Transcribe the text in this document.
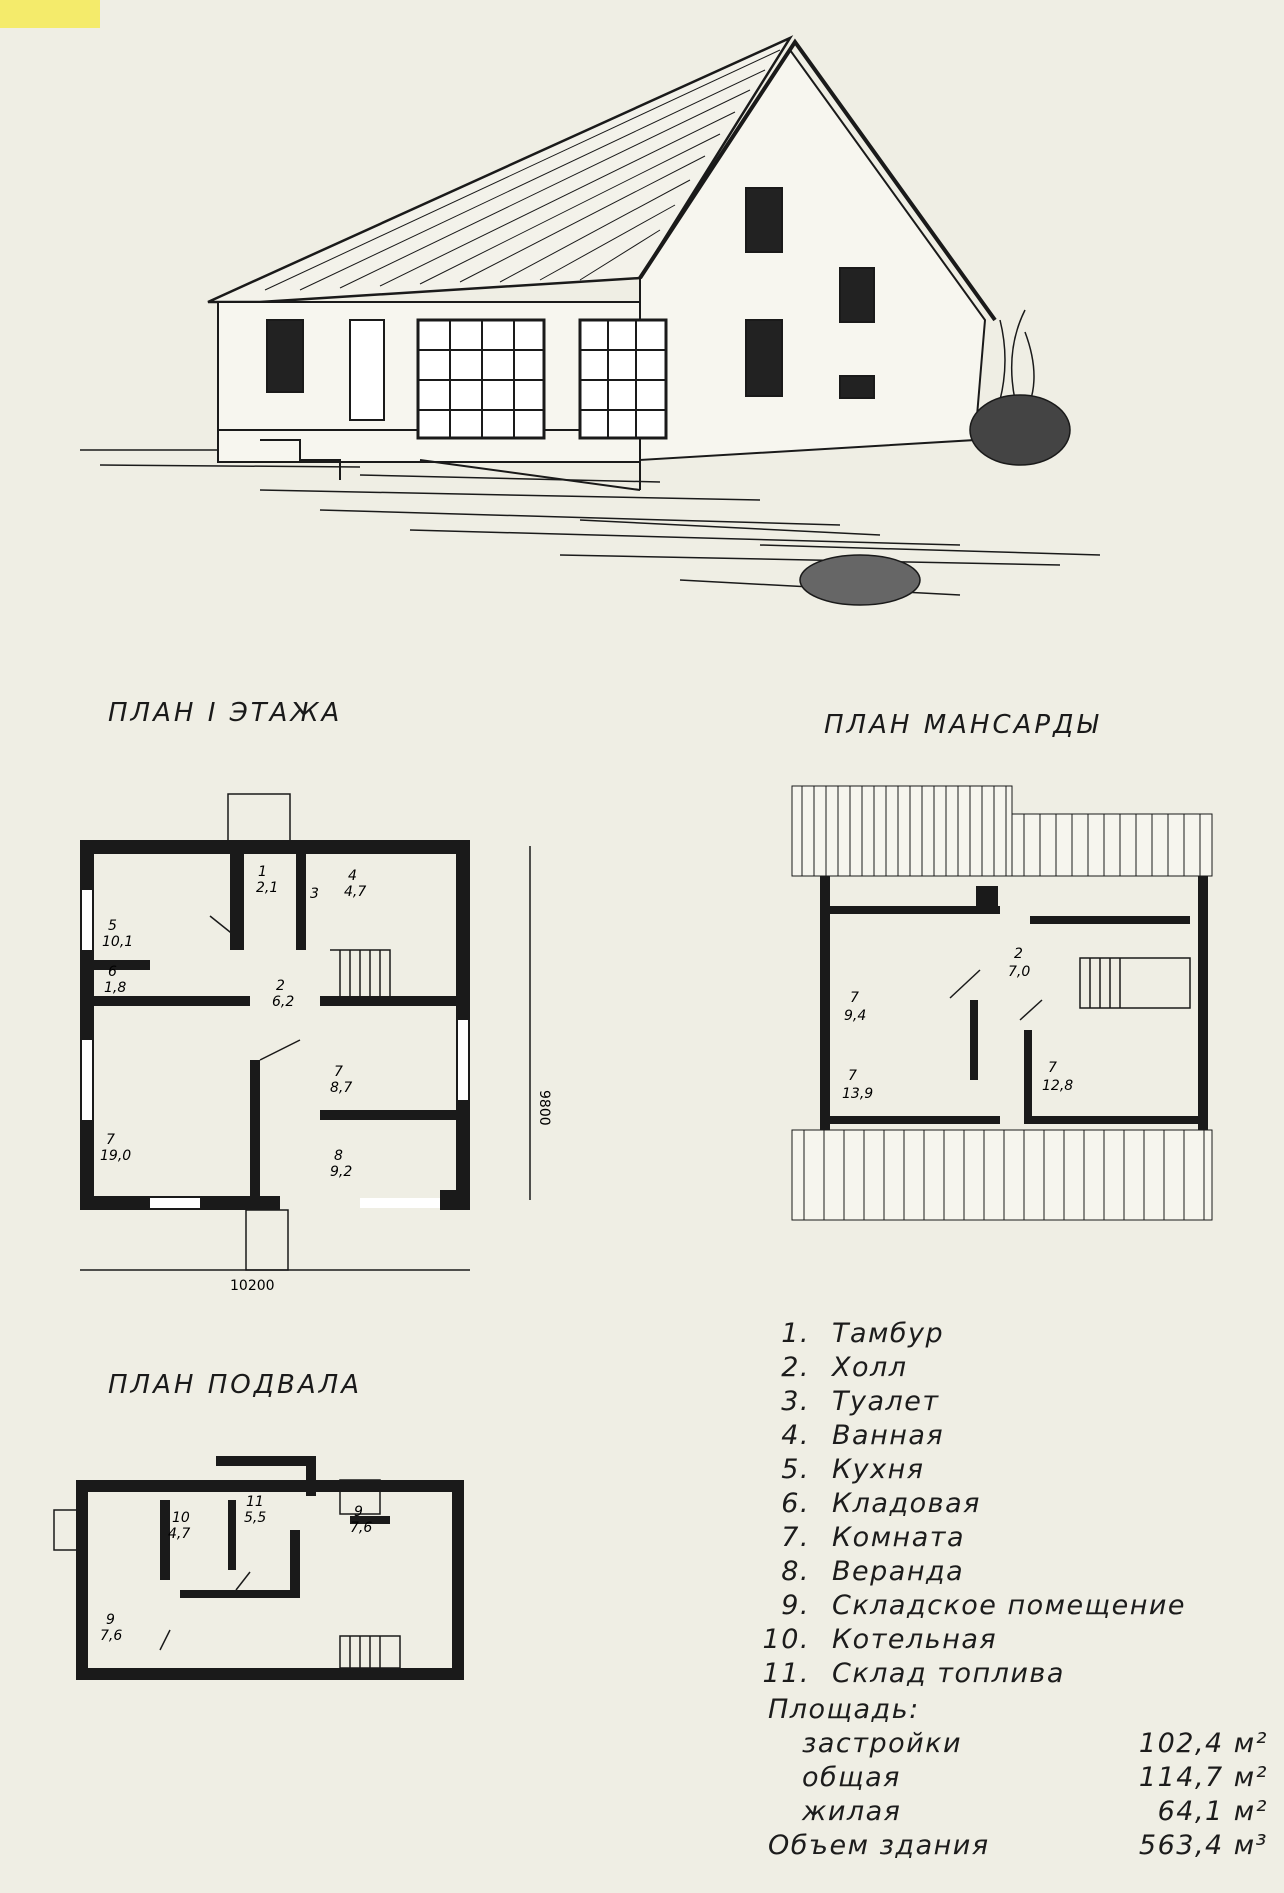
ПЛАН I ЭТАЖА	ПЛАН МАНСАРДЫ
ПЛАН ПОДВАЛА
9800
10200
1
2,1 3
4
4,7
5
10,1
6
1,8	2
6,2
7
8,7
7
19,0	8
9,2
7
9,4
2
7,0
7
13,9
7
12,8
10
4,7
11
5,5	9
7,6
9
7,6
1. Тамбур
2. Холл
3. Туалет
4. Ванная
5. Кухня
6. Кладовая
7. Комната
8. Веранда
9. Складское помещение
10. Котельная
11. Склад топлива
Площадь:
застройки	102,4 м²
общая	114,7 м²
жилая	64,1 м²
Объем здания	563,4 м³
